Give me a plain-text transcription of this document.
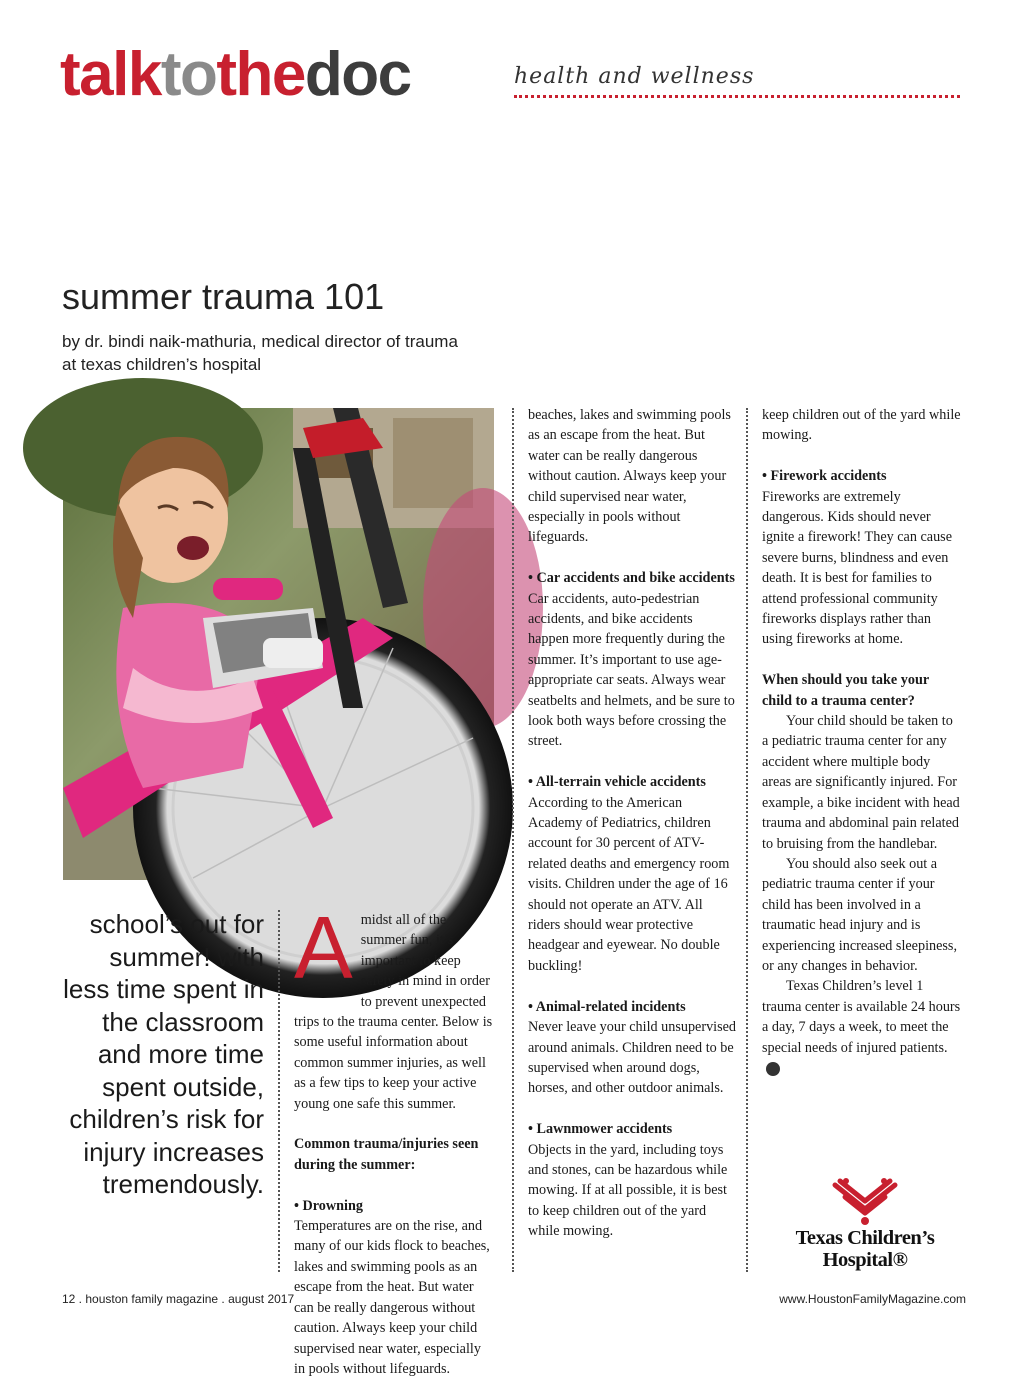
talktothedoc	health and wellness
summer trauma 101
by dr. bindi naik-mathuria, medical director of trauma
at texas children’s hospital
school’s out for summer! with less time spent in the classroom and more time spent outside, children’s risk for injury increases tremendously.
A midst all of the summer fun, it’s important to keep safety in mind in order to prevent unexpected trips to the trauma center. Below is some useful information about common summer injuries, as well as a few tips to keep your active young one safe this summer.

Common trauma/injuries seen during the summer:

• Drowning

Temperatures are on the rise, and many of our kids flock to beaches, lakes and swimming pools as an escape from the heat. But water can be really dangerous without caution. Always keep your child supervised near water, especially in pools without lifeguards.

beaches, lakes and swimming pools as an escape from the heat. But water can be really dangerous without caution. Always keep your child supervised near water, especially in pools without lifeguards.

• Car accidents and bike accidents

Car accidents, auto-pedestrian accidents, and bike accidents happen more frequently during the summer. It’s important to use age-appropriate car seats. Always wear seatbelts and helmets, and be sure to look both ways before crossing the street.

• All-terrain vehicle accidents

According to the American Academy of Pediatrics, children account for 30 percent of ATV-related deaths and emergency room visits. Children under the age of 16 should not operate an ATV. All riders should wear protective headgear and eyewear. No double buckling!

• Animal-related incidents

Never leave your child unsupervised around animals. Children need to be supervised when around dogs, horses, and other outdoor animals.

• Lawnmower accidents

Objects in the yard, including toys and stones, can be hazardous while mowing. If at all possible, it is best to keep children out of the yard while mowing.

keep children out of the yard while mowing.

• Firework accidents

Fireworks are extremely dangerous. Kids should never ignite a firework! They can cause severe burns, blindness and even death. It is best for families to attend professional community fireworks displays rather than using fireworks at home.

When should you take your child to a trauma center?

Your child should be taken to a pediatric trauma center for any accident where multiple body areas are significantly injured. For example, a bike incident with head trauma and abdominal pain related to bruising from the handlebar.

You should also seek out a pediatric trauma center if your child has been involved in a traumatic head injury and is experiencing increased sleepiness, or any changes in behavior.

Texas Children’s level 1 trauma center is available 24 hours a day, 7 days a week, to meet the special needs of injured patients.HF

Texas Children’s
Hospital®
12 . houston family magazine . august 2017	www.HoustonFamilyMagazine.com
